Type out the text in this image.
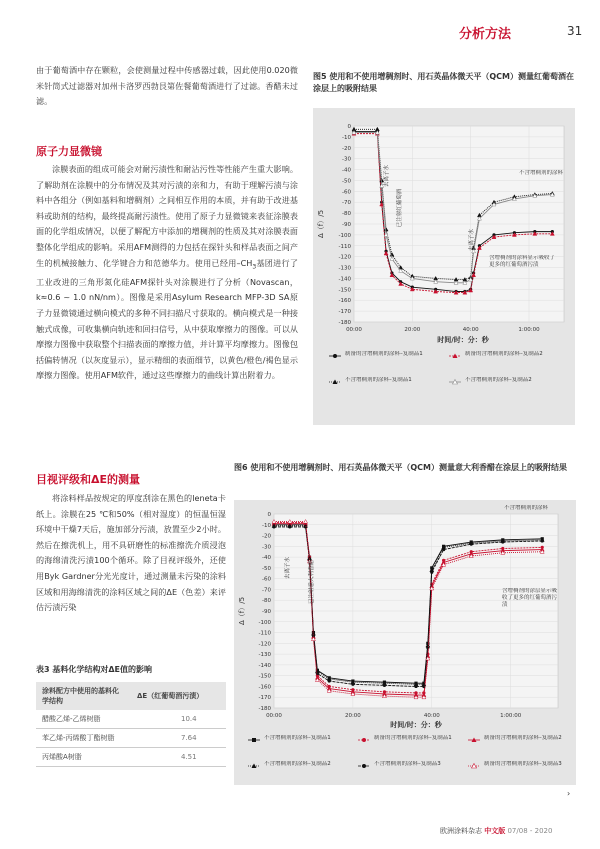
分析方法	31
由于葡萄酒中存在颗粒，会使测量过程中传感器过载，因此使用0.020微米针筒式过滤器对加州卡洛罗西勃艮第佐餐葡萄酒进行了过滤。香醋未过滤。
原子力显微镜
涂膜表面的组成可能会对耐污渍性和耐沾污性等性能产生重大影响。了解助剂在涂膜中的分布情况及其对污渍的亲和力，有助于理解污渍与涂料中各组分（例如基料和增稠剂）之间相互作用的本质，并有助于改进基料或助剂的结构，最终提高耐污渍性。使用了原子力显微镜来表征涂膜表面的化学组成情况，以便了解配方中添加的增稠剂的性质及其对涂膜表面整体化学组成的影响。采用AFM测得的力包括在探针头和样品表面之间产生的机械接触力、化学键合力和范德华力。使用已经用$-CH_3$基团进行了工业改进的三角形氮化硅AFM探针头对涂膜进行了分析（Novascan，k≈0.6 ~ 1.0 nN/nm）。图像是采用Asylum Research MFP-3D SA原子力显微镜通过横向模式的多种不同扫描尺寸获取的。横向模式是一种接触式成像，可收集横向轨迹和回扫信号，从中获取摩擦力的图像。可以从摩擦力图像中获取整个扫描表面的摩擦力值，并计算平均摩擦力。图像包括偏转情况（以灰度显示），显示精细的表面细节，以黄色/橙色/褐色显示摩擦力图像。使用AFM软件，通过这些摩擦力的曲线计算出附着力。
图5 使用和不使用增稠剂时、用石英晶体微天平（QCM）测量红葡萄酒在涂层上的吸附结果
0
-10
-20
-30
-40
-50
-60
-70
-80
-90
-100
-110
-120
-130
-140
-150
-160
-170
-180
00:00	20:00	40:00	1:00:00
Δ（f）/5
时间/时：分：秒
去离子水
已注射红葡萄酒
去离子水
不含增稠剂的涂料
含增稠剂的涂料显示吸收了更多的红葡萄酒污渍
制备的含增稠剂的涂料–复制品1	制备的含增稠剂的涂料–复制品2
不含增稠剂的涂料–复制品1	不含增稠剂的涂料–复制品2
目视评级和ΔE的测量
将涂料样品按规定的厚度刮涂在黑色的leneta卡纸上。涂膜在25 ℃和50%（相对湿度）的恒温恒湿环境中干燥7天后，施加部分污渍，放置至少2小时。然后在擦洗机上，用不具研磨性的标准擦洗介质浸泡的海绵清洗污渍100个循环。除了目视评级外，还使用Byk Gardner分光光度计，通过测量未污染的涂料区域和用海绵清洗的涂料区域之间的ΔE（色差）来评估污渍污染
表3 基料化学结构对ΔE值的影响
涂料配方中使用的基料化学结构	ΔE（红葡萄酒污渍）
醋酸乙烯-乙烯树脂	10.4
苯乙烯-丙烯酸丁酯树脂	7.64
丙烯酸A树脂	4.51
图6 使用和不使用增稠剂时、用石英晶体微天平（QCM）测量意大利香醋在涂层上的吸附结果
0
-10
-20
-30
-40
-50
-60
-70
-80
-90
-100
-110
-120
-130
-140
-150
-160
-170
-180
00:00	20:00	40:00	1:00:00
Δ（f）/5
时间/时：分：秒
去离子水	已注射意大利香醋
不含增稠剂的涂料
含增稠剂的涂层显示吸收了更多的红葡萄酒污渍
不含增稠剂的涂料–复制品1	制备的含增稠剂的涂料–复制品1	制备的含增稠剂的涂料–复制品2
不含增稠剂的涂料–复制品2	不含增稠剂的涂料–复制品3	制备的含增稠剂的涂料–复制品3
›
欧洲涂料杂志 中文版 07/08 - 2020
